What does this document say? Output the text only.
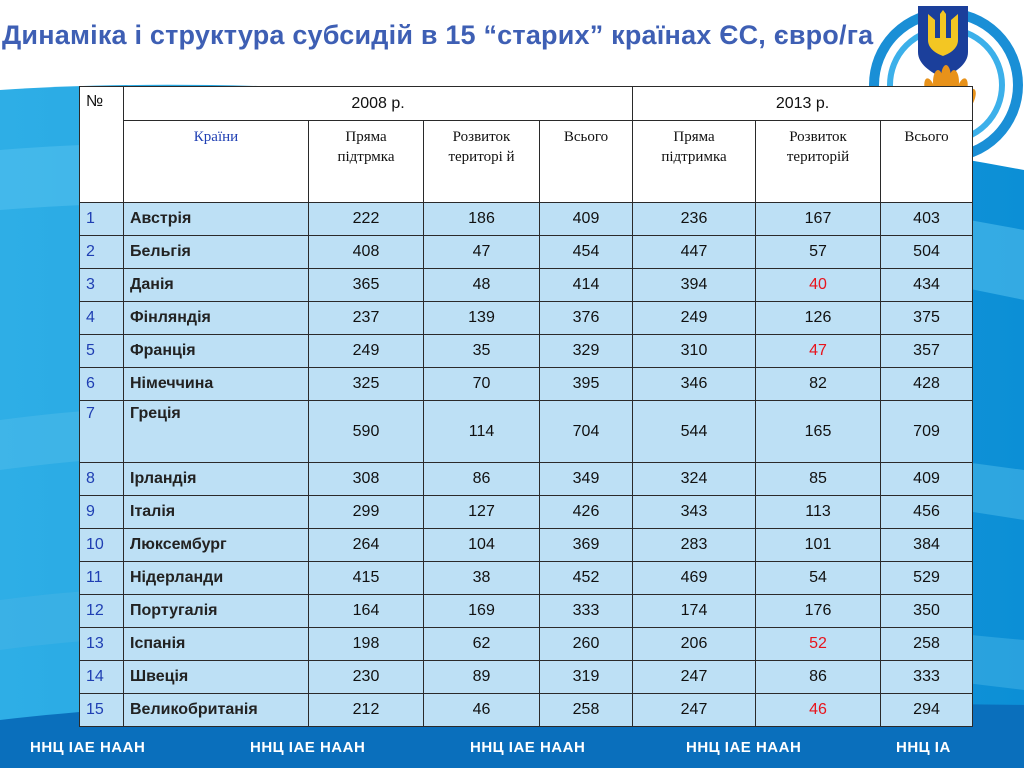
Динаміка і структура субсидій в 15 “старих” країнах ЄС, євро/га
№	2008 р.				2013 р.		
	Країни	Пряма підтрмка	Розвиток територі й	Всього	Пряма підтримка	Розвиток територій	Всього
1	Австрія	222	186	409	236	167	403
2	Бельгія	408	47	454	447	57	504
3	Данія	365	48	414	394	40	434
4	Фінляндія	237	139	376	249	126	375
5	Франція	249	35	329	310	47	357
6	Німеччина	325	70	395	346	82	428
7	Греція	590	114	704	544	165	709
8	Ірландія	308	86	349	324	85	409
9	Італія	299	127	426	343	113	456
10	Люксембург	264	104	369	283	101	384
11	Нідерланди	415	38	452	469	54	529
12	Португалія	164	169	333	174	176	350
13	Іспанія	198	62	260	206	52	258
14	Швеція	230	89	319	247	86	333
15	Великобританія	212	46	258	247	46	294
ННЦ ІАЕ НААН	ННЦ ІАЕ НААН	ННЦ ІАЕ НААН	ННЦ ІАЕ НААН	ННЦ ІА
